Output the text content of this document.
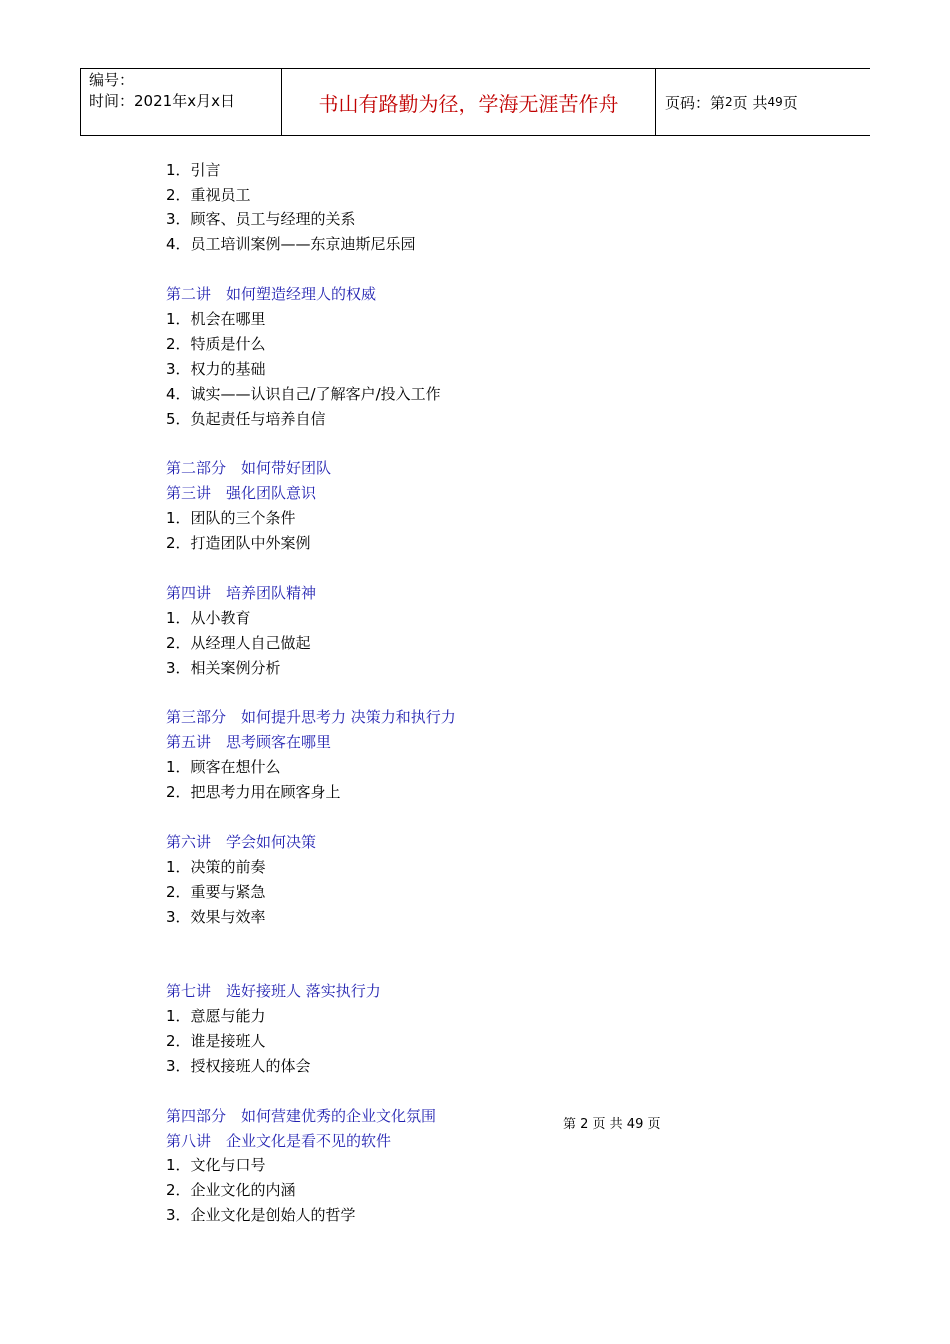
编号：
时间：2021年x月x日	书山有路勤为径，学海无涯苦作舟	页码： 第 2 页 共 49 页
1．引言
2．重视员工
3．顾客、员工与经理的关系
4．员工培训案例——东京迪斯尼乐园
第二讲　如何塑造经理人的权威
1．机会在哪里
2．特质是什么
3．权力的基础
4．诚实——认识自己/了解客户/投入工作
5．负起责任与培养自信
第二部分　如何带好团队
第三讲　强化团队意识
1．团队的三个条件
2．打造团队中外案例
第四讲　培养团队精神
1．从小教育
2．从经理人自己做起
3．相关案例分析
第三部分　如何提升思考力 决策力和执行力
第五讲　思考顾客在哪里
1．顾客在想什么
2．把思考力用在顾客身上
第六讲　学会如何决策
1．决策的前奏
2．重要与紧急
3．效果与效率
第七讲　选好接班人 落实执行力
1．意愿与能力
2．谁是接班人
3．授权接班人的体会
第四部分　如何营建优秀的企业文化氛围
第八讲　企业文化是看不见的软件
1．文化与口号
2．企业文化的内涵
3．企业文化是创始人的哲学
第 2 页 共 49 页
